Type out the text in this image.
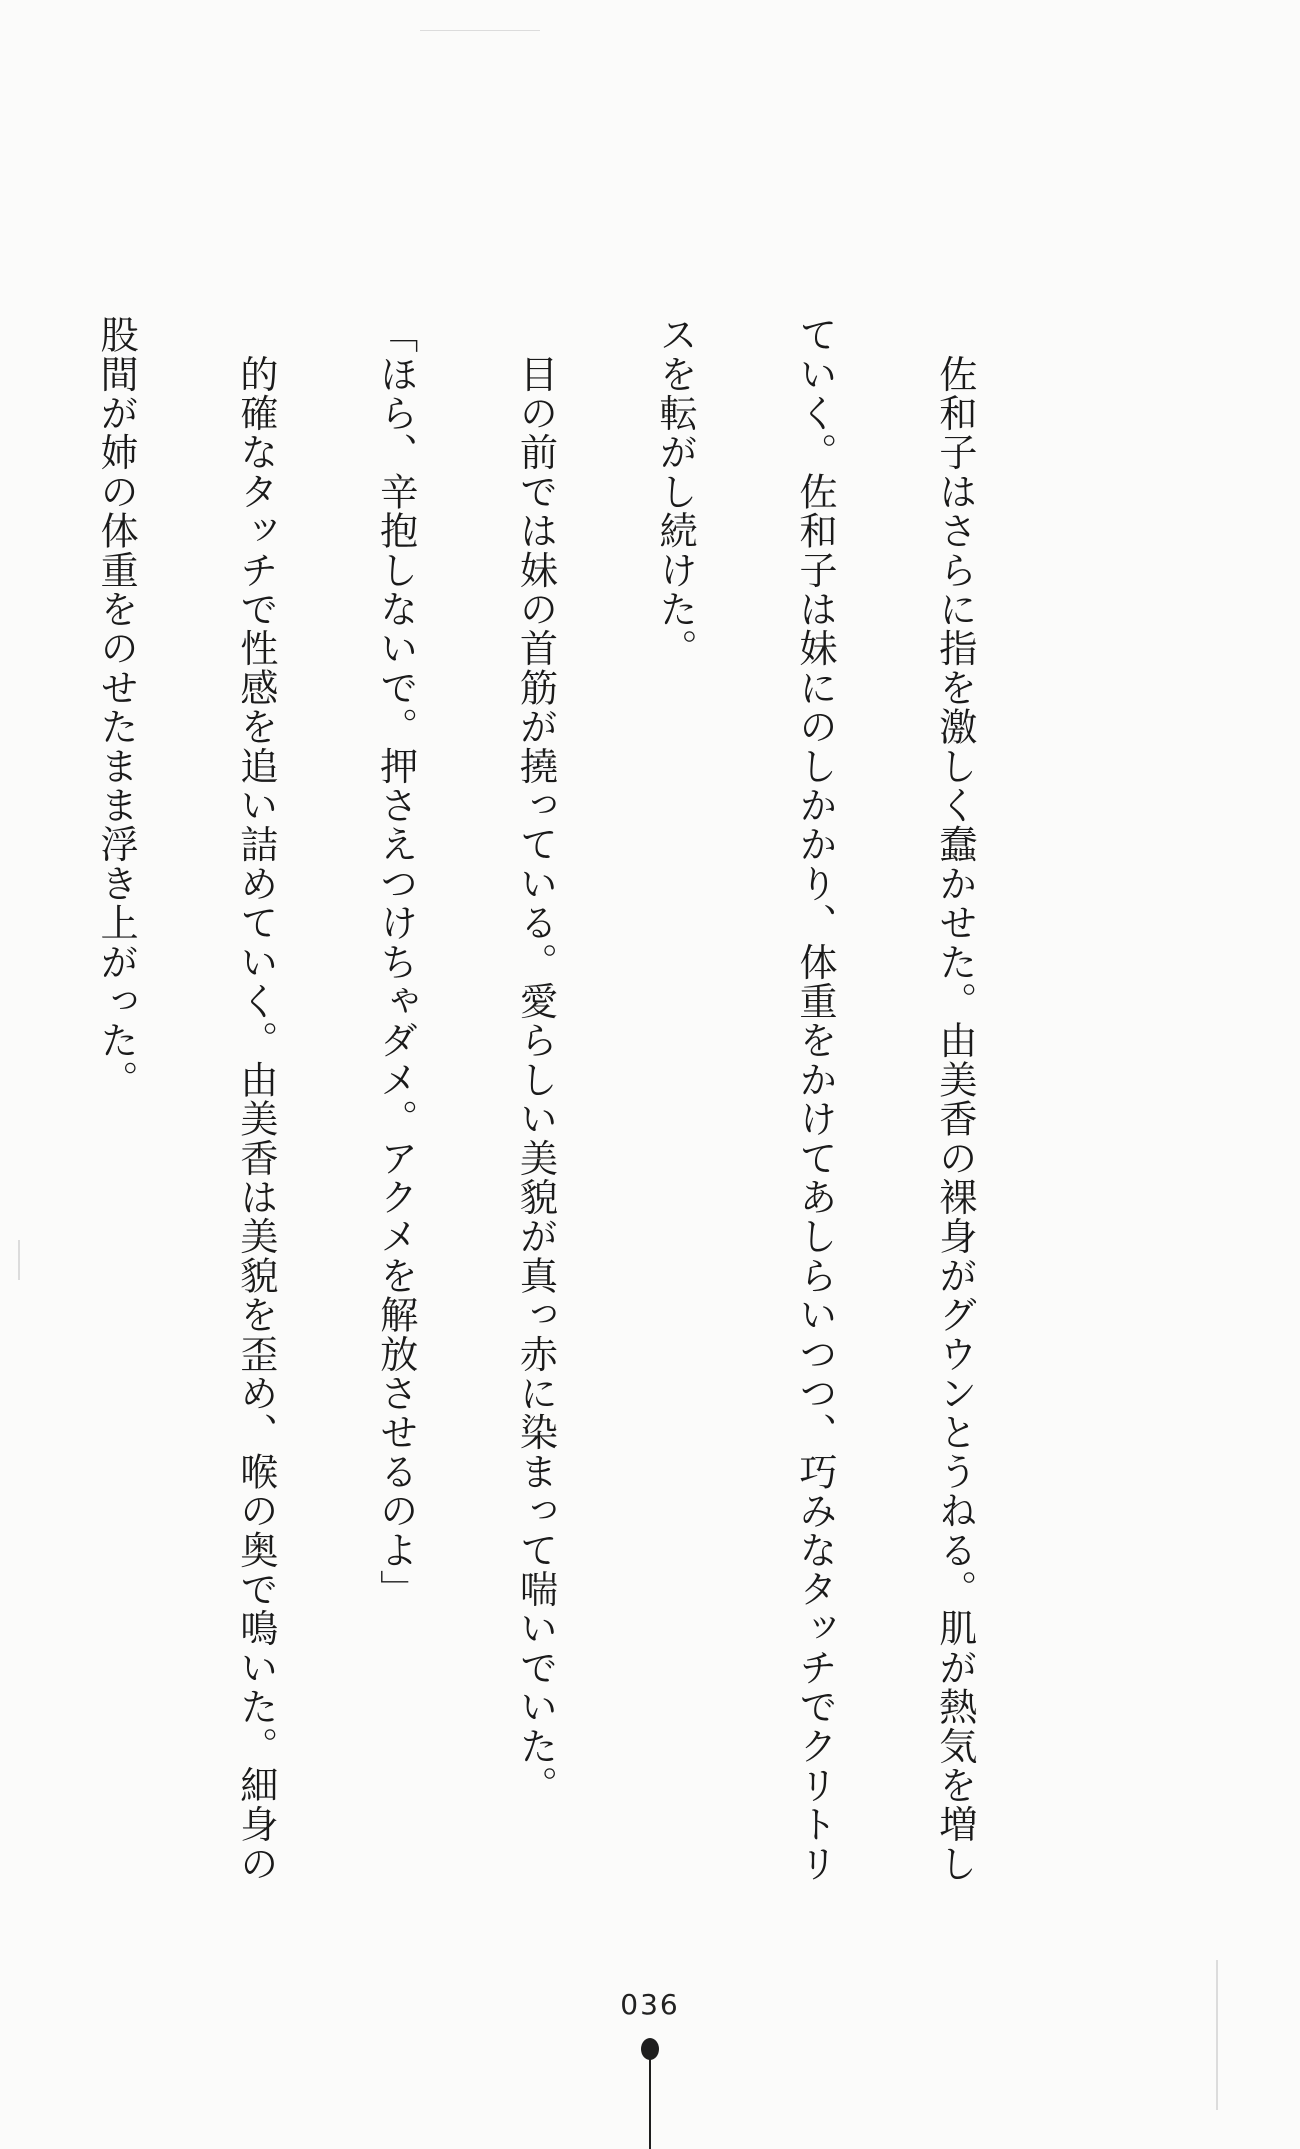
　佐和子はさらに指を激しく蠢かせた。由美香の裸身がグウンとうねる。肌が熱気を増し

ていく。佐和子は妹にのしかかり、体重をかけてあしらいつつ、巧みなタッチでクリトリ

スを転がし続けた。

　目の前では妹の首筋が撓っている。愛らしい美貌が真っ赤に染まって喘いでいた。

「ほら、辛抱しないで。押さえつけちゃダメ。アクメを解放させるのよ」

　的確なタッチで性感を追い詰めていく。由美香は美貌を歪め、喉の奥で鳴いた。細身の

股間が姉の体重をのせたまま浮き上がった。

036
